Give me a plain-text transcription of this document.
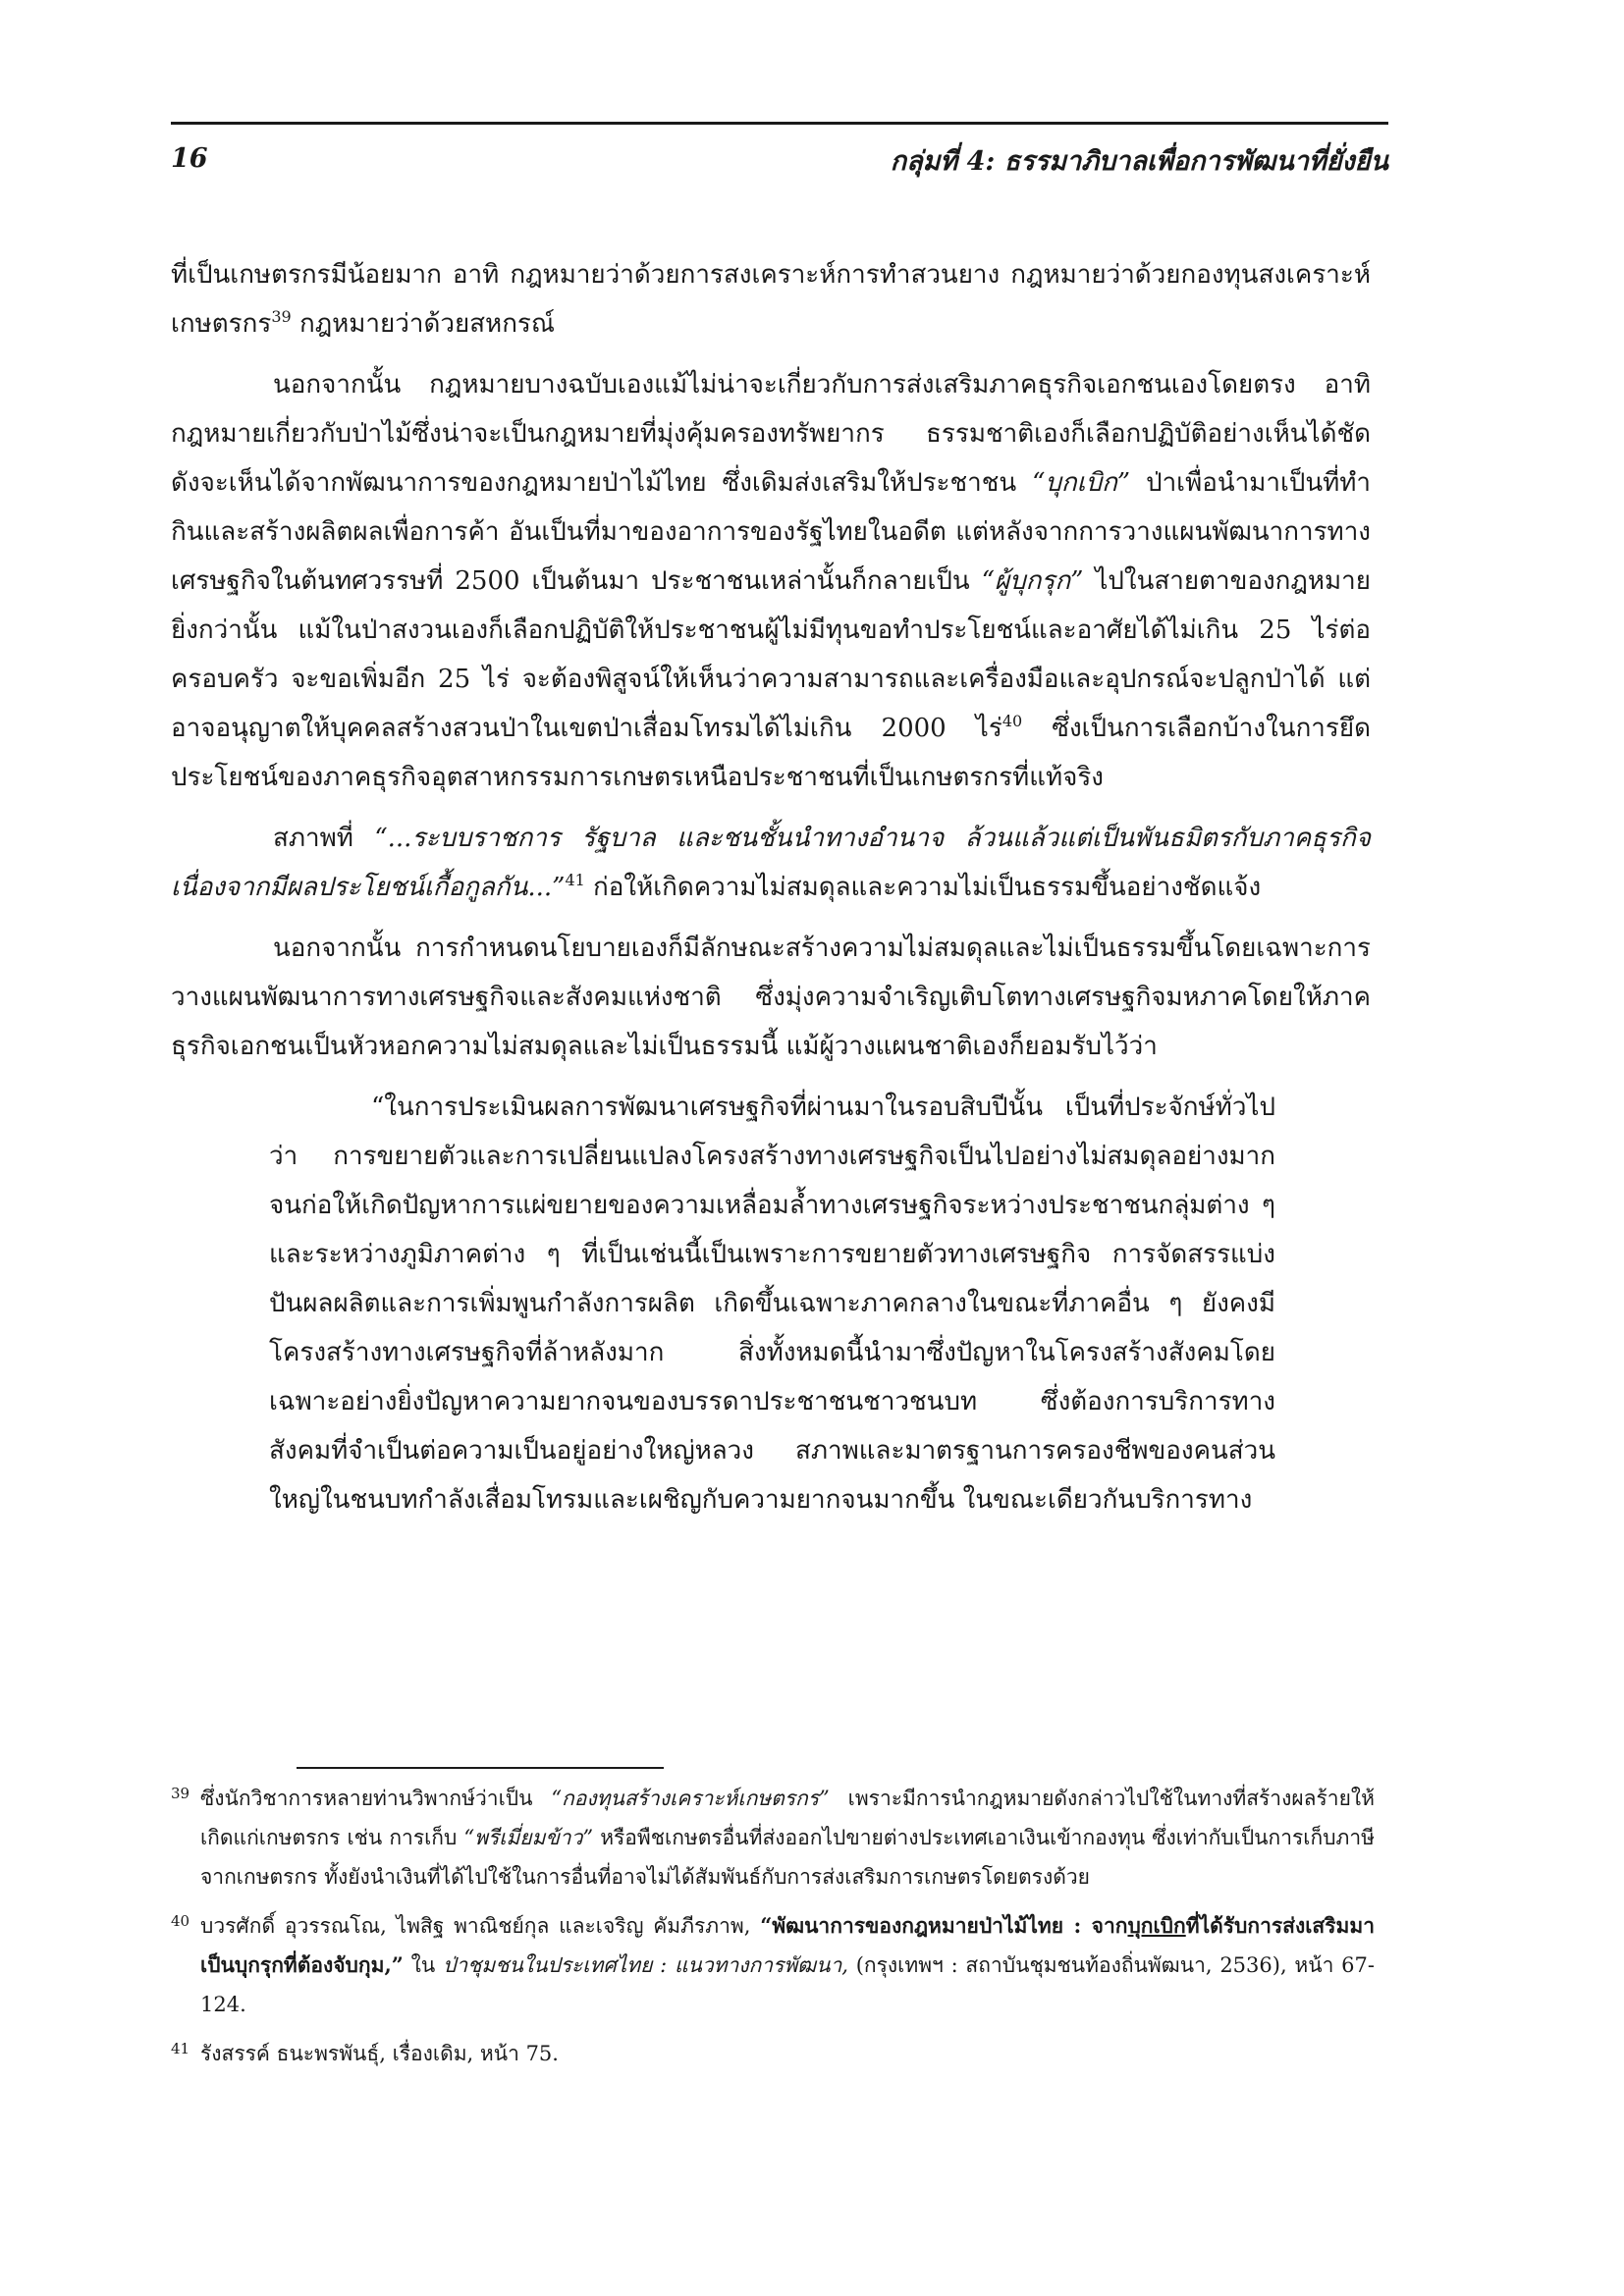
16	กลุ่มที่ 4: ธรรมาภิบาลเพื่อการพัฒนาที่ยั่งยืน

ที่เป็นเกษตรกรมีน้อยมาก อาทิ กฎหมายว่าด้วยการสงเคราะห์การทำสวนยาง กฎหมายว่าด้วยกองทุนสงเคราะห์เกษตรกร$^{39}$ กฎหมายว่าด้วยสหกรณ์

นอกจากนั้น กฎหมายบางฉบับเองแม้ไม่น่าจะเกี่ยวกับการส่งเสริมภาคธุรกิจเอกชนเองโดยตรง อาทิ กฎหมายเกี่ยวกับป่าไม้ซึ่งน่าจะเป็นกฎหมายที่มุ่งคุ้มครองทรัพยากร ธรรมชาติเองก็เลือกปฏิบัติอย่างเห็นได้ชัด ดังจะเห็นได้จากพัฒนาการของกฎหมายป่าไม้ไทย ซึ่งเดิมส่งเสริมให้ประชาชน “บุกเบิก” ป่าเพื่อนำมาเป็นที่ทำกินและสร้างผลิตผลเพื่อการค้า อันเป็นที่มาของอาการของรัฐไทยในอดีต แต่หลังจากการวางแผนพัฒนาการทางเศรษฐกิจในต้นทศวรรษที่ 2500 เป็นต้นมา ประชาชนเหล่านั้นก็กลายเป็น “ผู้บุกรุก” ไปในสายตาของกฎหมาย ยิ่งกว่านั้น แม้ในป่าสงวนเองก็เลือกปฏิบัติให้ประชาชนผู้ไม่มีทุนขอทำประโยชน์และอาศัยได้ไม่เกิน 25 ไร่ต่อครอบครัว จะขอเพิ่มอีก 25 ไร่ จะต้องพิสูจน์ให้เห็นว่าความสามารถและเครื่องมือและอุปกรณ์จะปลูกป่าได้ แต่อาจอนุญาตให้บุคคลสร้างสวนป่าในเขตป่าเสื่อมโทรมได้ไม่เกิน 2000 ไร่$^{40}$ ซึ่งเป็นการเลือกบ้างในการยึดประโยชน์ของภาคธุรกิจอุตสาหกรรมการเกษตรเหนือประชาชนที่เป็นเกษตรกรที่แท้จริง

สภาพที่ “...ระบบราชการ รัฐบาล และชนชั้นนำทางอำนาจ ล้วนแล้วแต่เป็นพันธมิตรกับภาคธุรกิจเนื่องจากมีผลประโยชน์เกื้อกูลกัน...”$^{41}$ ก่อให้เกิดความไม่สมดุลและความไม่เป็นธรรมขึ้นอย่างชัดแจ้ง

นอกจากนั้น การกำหนดนโยบายเองก็มีลักษณะสร้างความไม่สมดุลและไม่เป็นธรรมขึ้นโดยเฉพาะการวางแผนพัฒนาการทางเศรษฐกิจและสังคมแห่งชาติ ซึ่งมุ่งความจำเริญเติบโตทางเศรษฐกิจมหภาคโดยให้ภาคธุรกิจเอกชนเป็นหัวหอกความไม่สมดุลและไม่เป็นธรรมนี้ แม้ผู้วางแผนชาติเองก็ยอมรับไว้ว่า

“ในการประเมินผลการพัฒนาเศรษฐกิจที่ผ่านมาในรอบสิบปีนั้น เป็นที่ประจักษ์ทั่วไปว่า การขยายตัวและการเปลี่ยนแปลงโครงสร้างทางเศรษฐกิจเป็นไปอย่างไม่สมดุลอย่างมาก จนก่อให้เกิดปัญหาการแผ่ขยายของความเหลื่อมล้ำทางเศรษฐกิจระหว่างประชาชนกลุ่มต่าง ๆ และระหว่างภูมิภาคต่าง ๆ ที่เป็นเช่นนี้เป็นเพราะการขยายตัวทางเศรษฐกิจ การจัดสรรแบ่งปันผลผลิตและการเพิ่มพูนกำลังการผลิต เกิดขึ้นเฉพาะภาคกลางในขณะที่ภาคอื่น ๆ ยังคงมีโครงสร้างทางเศรษฐกิจที่ล้าหลังมาก สิ่งทั้งหมดนี้นำมาซึ่งปัญหาในโครงสร้างสังคมโดยเฉพาะอย่างยิ่งปัญหาความยากจนของบรรดาประชาชนชาวชนบท ซึ่งต้องการบริการทางสังคมที่จำเป็นต่อความเป็นอยู่อย่างใหญ่หลวง สภาพและมาตรฐานการครองชีพของคนส่วนใหญ่ในชนบทกำลังเสื่อมโทรมและเผชิญกับความยากจนมากขึ้น ในขณะเดียวกันบริการทาง

39 ซึ่งนักวิชาการหลายท่านวิพากษ์ว่าเป็น “กองทุนสร้างเคราะห์เกษตรกร” เพราะมีการนำกฎหมายดังกล่าวไปใช้ในทางที่สร้างผลร้ายให้เกิดแก่เกษตรกร เช่น การเก็บ “พรีเมี่ยมข้าว” หรือพืชเกษตรอื่นที่ส่งออกไปขายต่างประเทศเอาเงินเข้ากองทุน ซึ่งเท่ากับเป็นการเก็บภาษีจากเกษตรกร ทั้งยังนำเงินที่ได้ไปใช้ในการอื่นที่อาจไม่ได้สัมพันธ์กับการส่งเสริมการเกษตรโดยตรงด้วย
40 บวรศักดิ์ อุวรรณโณ, ไพสิฐ พาณิชย์กุล และเจริญ คัมภีรภาพ, “พัฒนาการของกฎหมายป่าไม้ไทย : จากบุกเบิกที่ได้รับการส่งเสริมมาเป็นบุกรุกที่ต้องจับกุม,” ใน ป่าชุมชนในประเทศไทย : แนวทางการพัฒนา, (กรุงเทพฯ : สถาบันชุมชนท้องถิ่นพัฒนา, 2536), หน้า 67-124.
41 รังสรรค์ ธนะพรพันธุ์, เรื่องเดิม, หน้า 75.
